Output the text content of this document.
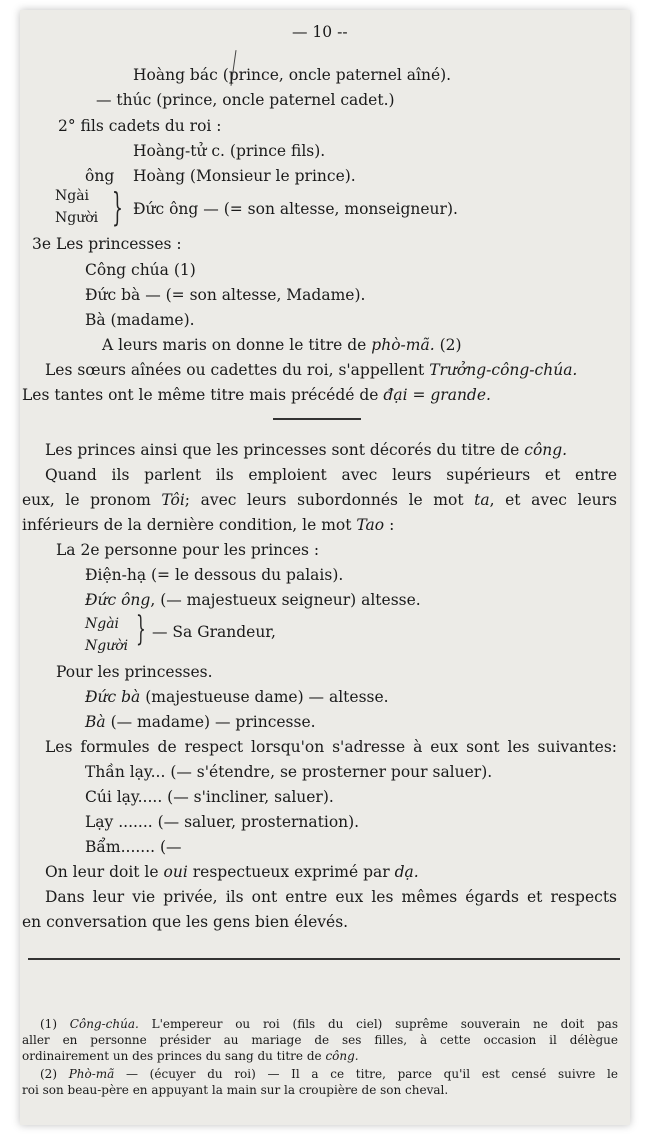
— 10 --
Hoàng bác (prince, oncle paternel aîné).
— thúc (prince, oncle paternel cadet.)
2° fils cadets du roi :
Hoàng-tử c. (prince fils).
ông Hoàng (Monsieur le prince).
Ngài
Người } Đức ông — (= son altesse, monseigneur).
3e Les princesses :
Công chúa (1)
Đức bà — (= son altesse, Madame).
Bà (madame).
A leurs maris on donne le titre de phò-mã. (2)
Les sœurs aînées ou cadettes du roi, s'appellent Trưởng-công-chúa.
Les tantes ont le même titre mais précédé de đại = grande.
Les princes ainsi que les princesses sont décorés du titre de công.
Quand ils parlent ils emploient avec leurs supérieurs et entre
eux, le pronom Tôi; avec leurs subordonnés le mot ta, et avec leurs
inférieurs de la dernière condition, le mot Tao :
La 2e personne pour les princes :
Điện-hạ (= le dessous du palais).
Đức ông, (— majestueux seigneur) altesse.
Ngài
Người } — Sa Grandeur,
Pour les princesses.
Đức bà (majestueuse dame) — altesse.
Bà (— madame) — princesse.
Les formules de respect lorsqu'on s'adresse à eux sont les suivantes:
Thần lạy... (— s'étendre, se prosterner pour saluer).
Cúi lạy..... (— s'incliner, saluer).
Lạy ....... (— saluer, prosternation).
Bẩm....... (—
On leur doit le oui respectueux exprimé par dạ.
Dans leur vie privée, ils ont entre eux les mêmes égards et respects
en conversation que les gens bien élevés.
(1) Công-chúa. L'empereur ou roi (fils du ciel) suprême souverain ne doit pas
aller en personne présider au mariage de ses filles, à cette occasion il délègue
ordinairement un des princes du sang du titre de công.
(2) Phò-mã — (écuyer du roi) — Il a ce titre, parce qu'il est censé suivre le
roi son beau-père en appuyant la main sur la croupière de son cheval.
